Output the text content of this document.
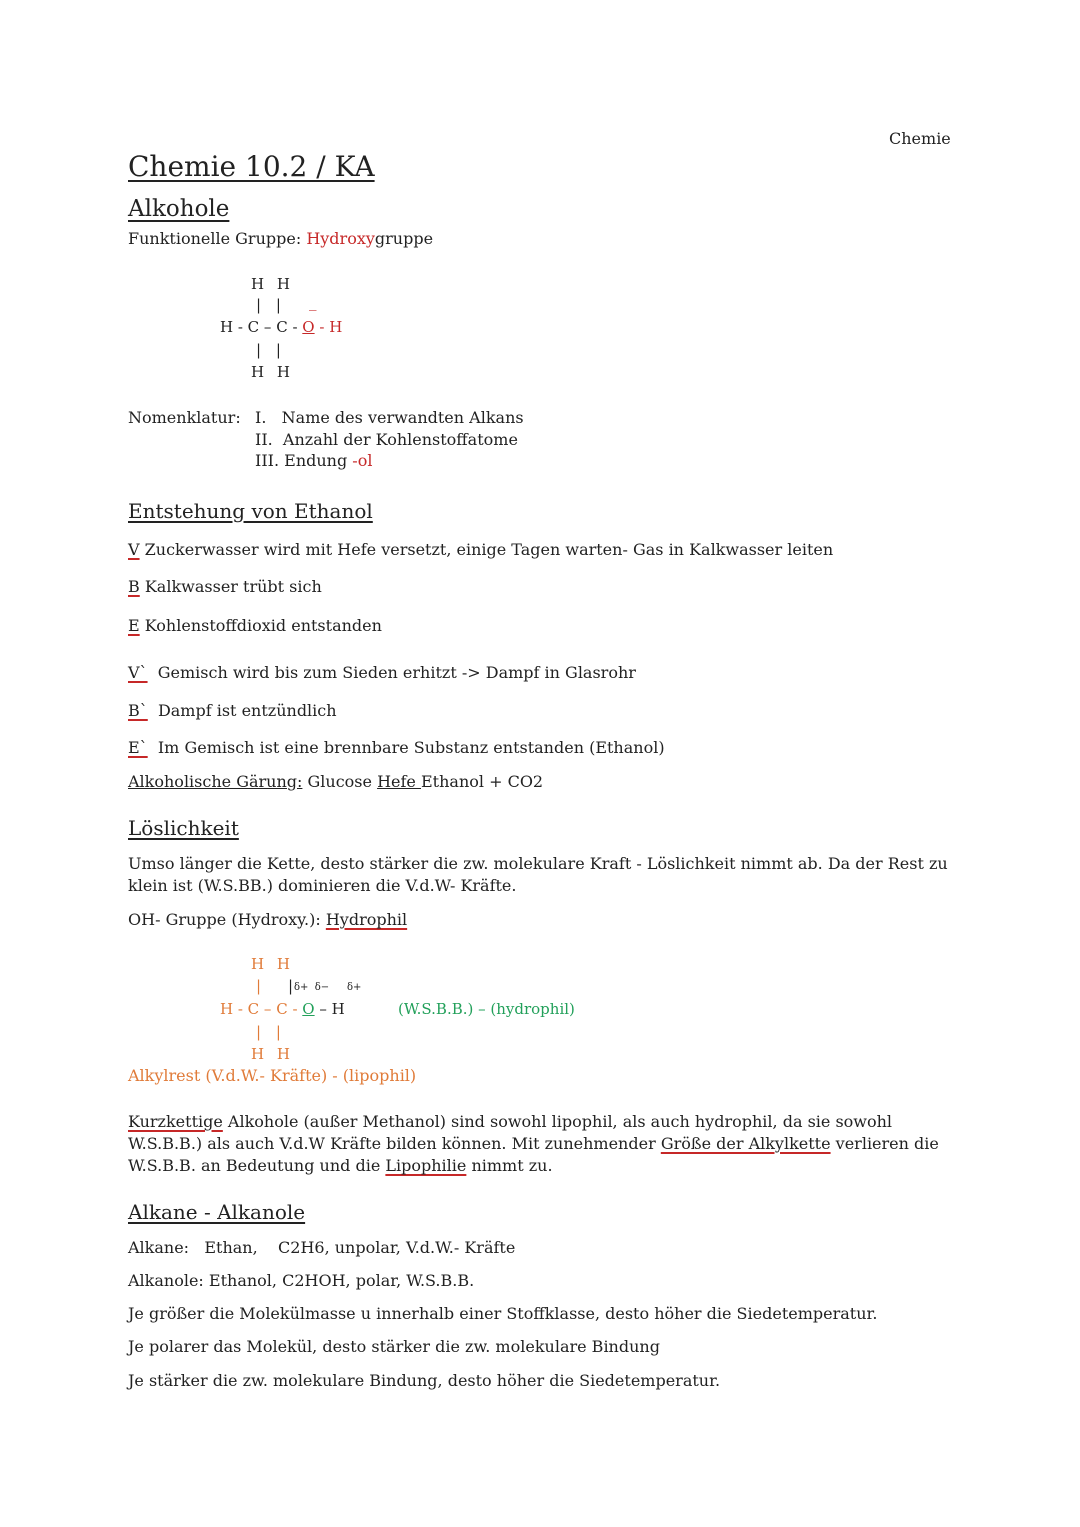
Chemie
Chemie 10.2 / KA
Alkohole
Funktionelle Gruppe: Hydroxygruppe
H H
| | _
H - C – C - O - H
| |
H H
Nomenklatur: I.   Name des verwandten Alkans
II.  Anzahl der Kohlenstoffatome
III. Endung -ol
Entstehung von Ethanol
V Zuckerwasser wird mit Hefe versetzt, einige Tagen warten- Gas in Kalkwasser leiten
B Kalkwasser trübt sich
E Kohlenstoffdioxid entstanden
V`  Gemisch wird bis zum Sieden erhitzt -> Dampf in Glasrohr
B`  Dampf ist entzündlich
E`  Im Gemisch ist eine brennbare Substanz entstanden (Ethanol)
Alkoholische Gärung: Glucose Hefe Ethanol + CO2
Löslichkeit
Umso länger die Kette, desto stärker die zw. molekulare Kraft - Löslichkeit nimmt ab. Da der Rest zu klein ist (W.S.BB.) dominieren die V.d.W- Kräfte.
OH- Gruppe (Hydroxy.): Hydrophil
H H
| | δ+  δ− δ+
H - C – C - O – H	(W.S.B.B.) – (hydrophil)
| |
H H
Alkylrest (V.d.W.- Kräfte) - (lipophil)
Kurzkettige Alkohole (außer Methanol) sind sowohl lipophil, als auch hydrophil, da sie sowohl W.S.B.B.) als auch V.d.W Kräfte bilden können. Mit zunehmender Größe der Alkylkette verlieren die W.S.B.B. an Bedeutung und die Lipophilie nimmt zu.
Alkane - Alkanole
Alkane:   Ethan,    C2H6, unpolar, V.d.W.- Kräfte
Alkanole: Ethanol, C2HOH, polar, W.S.B.B.
Je größer die Molekülmasse u innerhalb einer Stoffklasse, desto höher die Siedetemperatur.
Je polarer das Molekül, desto stärker die zw. molekulare Bindung
Je stärker die zw. molekulare Bindung, desto höher die Siedetemperatur.
